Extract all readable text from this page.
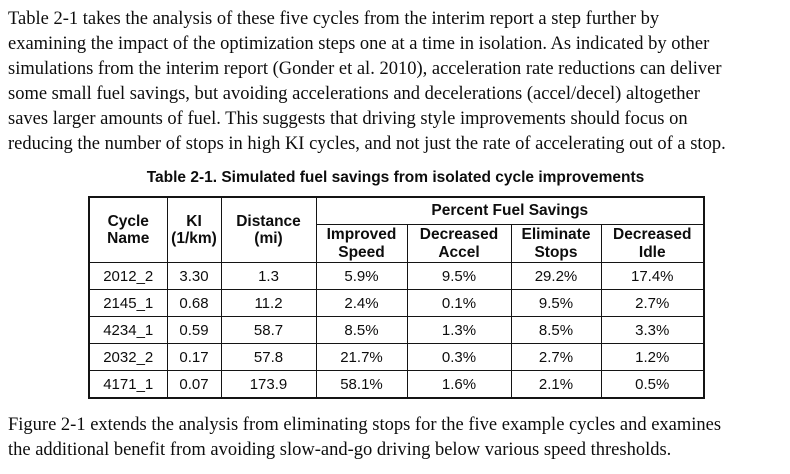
Table 2-1 takes the analysis of these five cycles from the interim report a step further by
examining the impact of the optimization steps one at a time in isolation. As indicated by other
simulations from the interim report (Gonder et al. 2010), acceleration rate reductions can deliver
some small fuel savings, but avoiding accelerations and decelerations (accel/decel) altogether
saves larger amounts of fuel. This suggests that driving style improvements should focus on
reducing the number of stops in high KI cycles, and not just the rate of accelerating out of a stop.
Table 2-1. Simulated fuel savings from isolated cycle improvements
Cycle Name	KI (1/km)	Distance (mi)	Percent Fuel Savings			
			Improved Speed	Decreased Accel	Eliminate Stops	Decreased Idle
2012_2	3.30	1.3	5.9%	9.5%	29.2%	17.4%
2145_1	0.68	11.2	2.4%	0.1%	9.5%	2.7%
4234_1	0.59	58.7	8.5%	1.3%	8.5%	3.3%
2032_2	0.17	57.8	21.7%	0.3%	2.7%	1.2%
4171_1	0.07	173.9	58.1%	1.6%	2.1%	0.5%
Figure 2-1 extends the analysis from eliminating stops for the five example cycles and examines
the additional benefit from avoiding slow-and-go driving below various speed thresholds.
